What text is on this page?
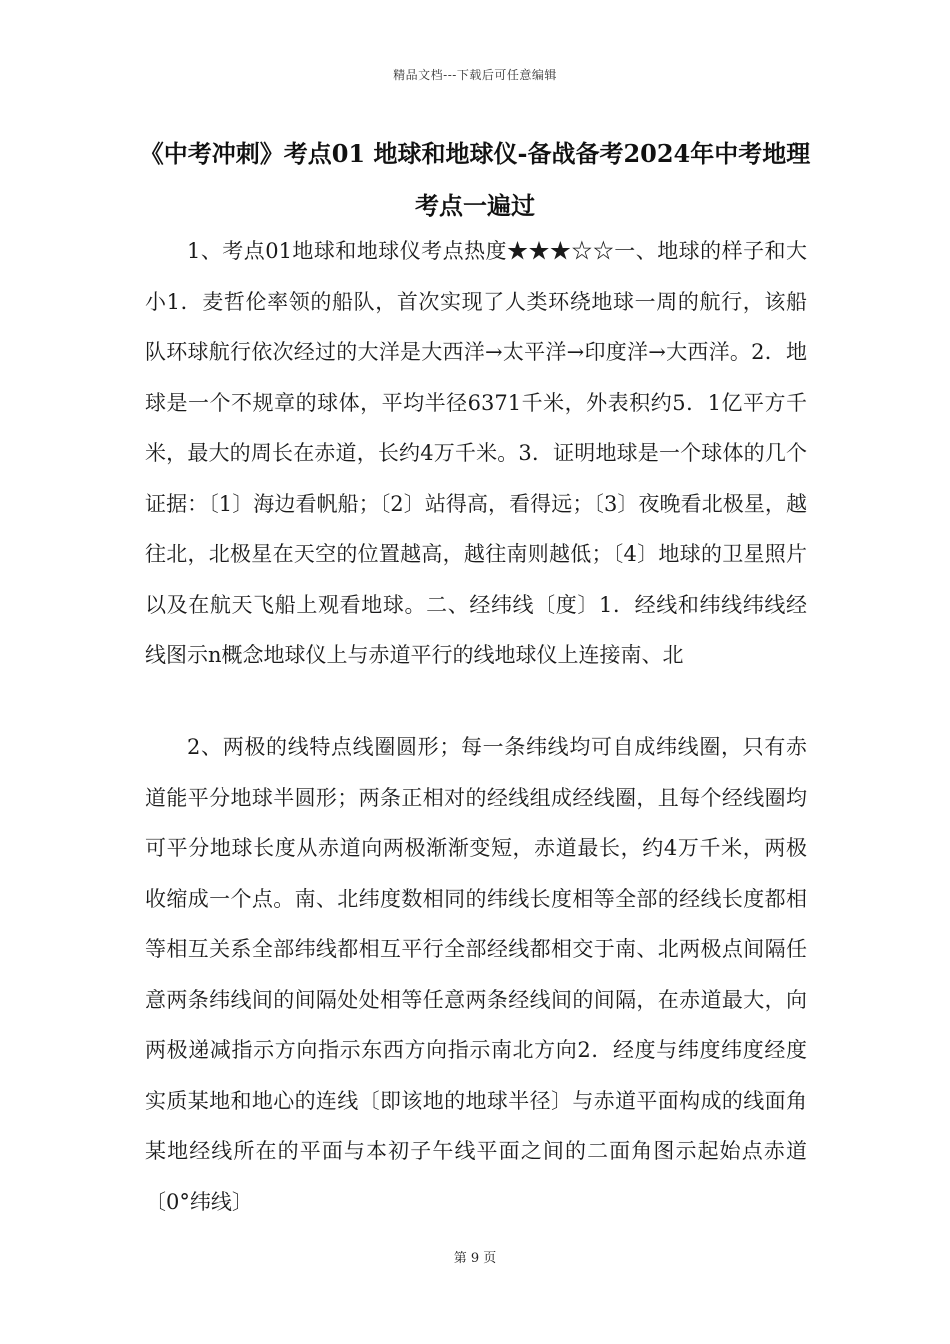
精品文档---下载后可任意编辑
《中考冲刺》考点01 地球和地球仪-备战备考2024年中考地理考点一遍过
1、考点01地球和地球仪考点热度★★★☆☆一、地球的样子和大小1．麦哲伦率领的船队，首次实现了人类环绕地球一周的航行，该船队环球航行依次经过的大洋是大西洋→太平洋→印度洋→大西洋。2．地球是一个不规章的球体，平均半径6371千米，外表积约5．1亿平方千米，最大的周长在赤道，长约4万千米。3．证明地球是一个球体的几个证据：〔1〕海边看帆船；〔2〕站得高，看得远；〔3〕夜晚看北极星，越往北，北极星在天空的位置越高，越往南则越低；〔4〕地球的卫星照片以及在航天飞船上观看地球。二、经纬线〔度〕1．经线和纬线纬线经线图示n概念地球仪上与赤道平行的线地球仪上连接南、北
2、两极的线特点线圈圆形；每一条纬线均可自成纬线圈，只有赤道能平分地球半圆形；两条正相对的经线组成经线圈，且每个经线圈均可平分地球长度从赤道向两极渐渐变短，赤道最长，约4万千米，两极收缩成一个点。南、北纬度数相同的纬线长度相等全部的经线长度都相等相互关系全部纬线都相互平行全部经线都相交于南、北两极点间隔任意两条纬线间的间隔处处相等任意两条经线间的间隔，在赤道最大，向两极递减指示方向指示东西方向指示南北方向2．经度与纬度纬度经度实质某地和地心的连线〔即该地的地球半径〕与赤道平面构成的线面角某地经线所在的平面与本初子午线平面之间的二面角图示起始点赤道〔0°纬线〕
第 9 页
